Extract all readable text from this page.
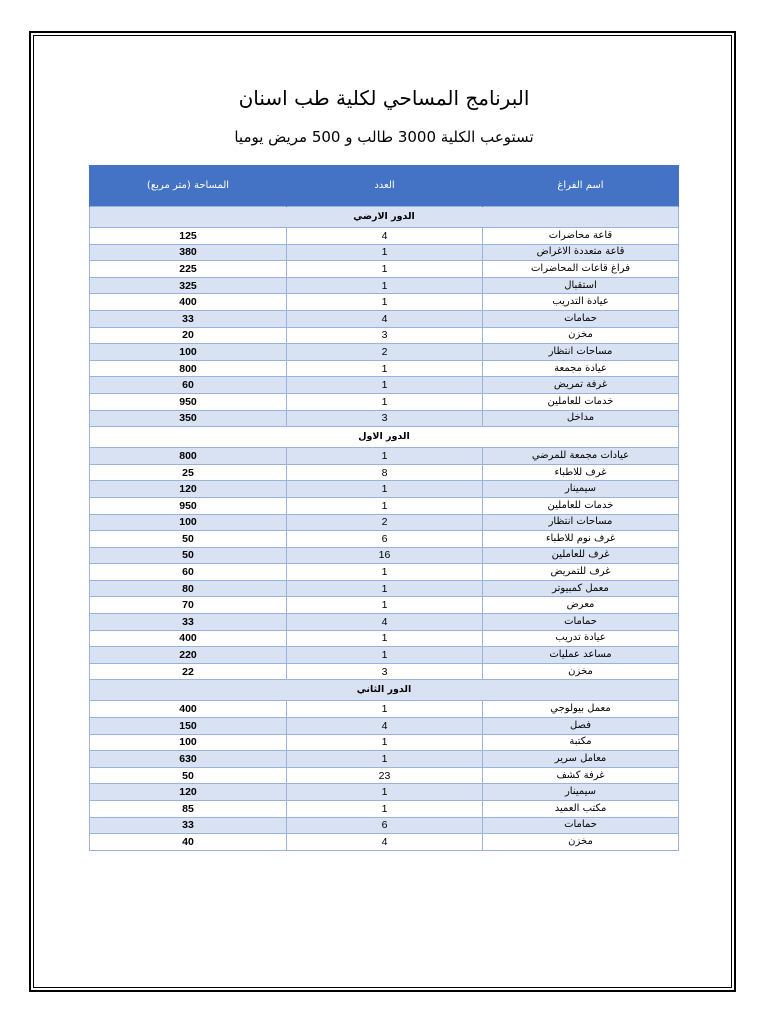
البرنامج المساحي لكلية طب اسنان
تستوعب الكلية 3000 طالب و 500 مريض يوميا
اسم الفراغ	العدد	المساحة (متر مربع)
الدور الارضي		
قاعة محاضرات	4	125
قاعة متعددة الاغراض	1	380
فراغ قاعات المحاضرات	1	225
استقبال	1	325
عيادة التدريب	1	400
حمامات	4	33
مخزن	3	20
مساحات انتظار	2	100
عيادة مجمعة	1	800
غرفة تمريض	1	60
خدمات للعاملين	1	950
مداخل	3	350
الدور الاول		
عيادات مجمعة للمرضي	1	800
غرف للاطباء	8	25
سيمينار	1	120
خدمات للعاملين	1	950
مساحات انتظار	2	100
غرف نوم للاطباء	6	50
غرف للعاملين	16	50
غرف للتمريض	1	60
معمل كمبيوتر	1	80
معرض	1	70
حمامات	4	33
عيادة تدريب	1	400
مساعد عمليات	1	220
مخزن	3	22
الدور الثاني		
معمل بيولوجي	1	400
فصل	4	150
مكتبة	1	100
معامل سرير	1	630
غرفة كشف	23	50
سيمينار	1	120
مكتب العميد	1	85
حمامات	6	33
مخزن	4	40
